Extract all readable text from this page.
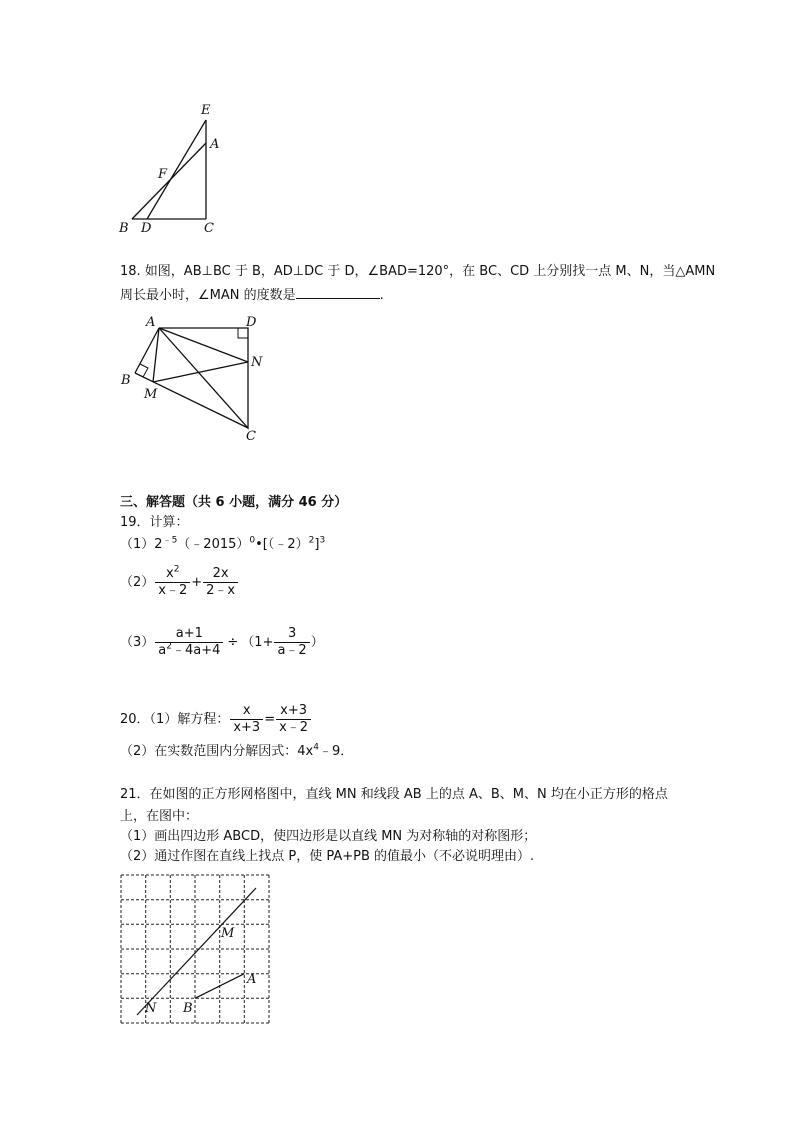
E
A
F
B D	C
18. 如图，AB⊥BC 于 B，AD⊥DC 于 D，∠BAD=120°，在 BC、CD 上分别找一点 M、N，当△AMN
周长最小时，∠MAN 的度数是	.
A	D
N
B
M
C
三、解答题（共 6 小题，满分 46 分）
19．计算：
$(1)2^{﹣5}(﹣2015)^0•[(﹣2)^2]^3$
$(2) \frac{x^2}{x﹣2} + \frac{2x}{2﹣x}$
$(3) \frac{a+1}{a^2﹣4a+4} \div (1+ \frac{3}{a﹣2}$ ）
20．（1）解方程： $\frac{x}{x+3} = \frac{x+3}{x﹣2}$
（2）在实数范围内分解因式：$4x^4﹣9$．
21．在如图的正方形网格图中，直线 MN 和线段 AB 上的点 A、B、M、N 均在小正方形的格点
上，在图中：
（1）画出四边形 ABCD，使四边形是以直线 MN 为对称轴的对称图形；
（2）通过作图在直线上找点 P，使 PA+PB 的值最小（不必说明理由）.
M
A
N B
